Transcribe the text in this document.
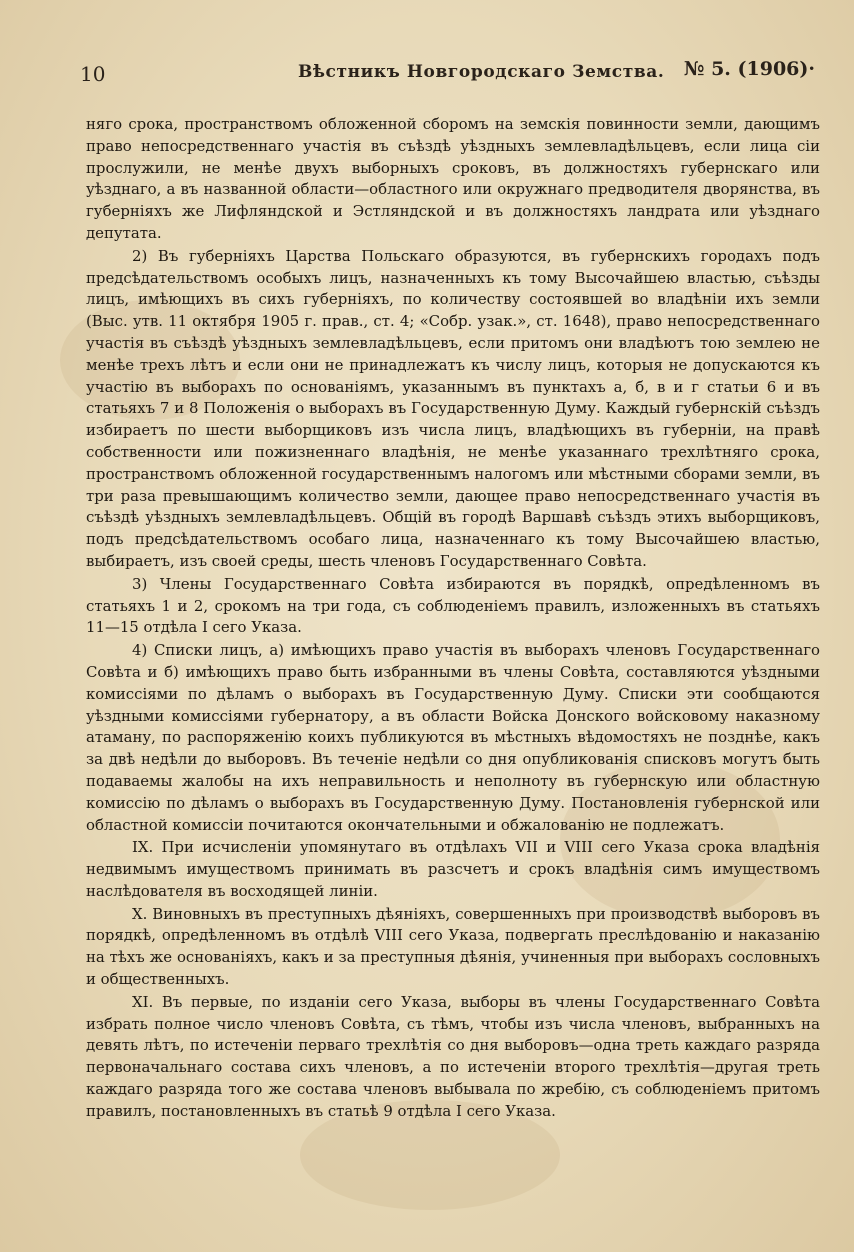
10	Вѣстникъ Новгородскаго Земства. № 5. (1906)·

няго срока, пространствомъ обложенной сборомъ на земскія повинности земли, дающимъ право непосредственнаго участія въ съѣздѣ уѣздныхъ землевладѣльцевъ, если лица сіи прослужили, не менѣе двухъ выборныхъ сроковъ, въ должностяхъ губернскаго или уѣзднаго, а въ названной области—областного или окружнаго предводителя дворянства, въ губерніяхъ же Лифляндской и Эстляндской и въ должностяхъ ландрата или уѣзднаго депутата.

2) Въ губерніяхъ Царства Польскаго образуются, въ губернскихъ городахъ подъ предсѣдательствомъ особыхъ лицъ, назначенныхъ къ тому Высочайшею властью, съѣзды лицъ, имѣющихъ въ сихъ губерніяхъ, по количеству состоявшей во владѣніи ихъ земли (Выс. утв. 11 октября 1905 г. прав., ст. 4; «Собр. узак.», ст. 1648), право непосредственнаго участія въ съѣздѣ уѣздныхъ землевладѣльцевъ, если притомъ они владѣютъ тою землею не менѣе трехъ лѣтъ и если они не принадлежатъ къ числу лицъ, которыя не допускаются къ участію въ выборахъ по основаніямъ, указаннымъ въ пунктахъ а, б, в и г статьи 6 и въ статьяхъ 7 и 8 Положенія о выборахъ въ Государственную Думу. Каждый губернскій съѣздъ избираетъ по шести выборщиковъ изъ числа лицъ, владѣющихъ въ губерніи, на правѣ собственности или пожизненнаго владѣнія, не менѣе указаннаго трехлѣтняго срока, пространствомъ обложенной государственнымъ налогомъ или мѣстными сборами земли, въ три раза превышающимъ количество земли, дающее право непосредственнаго участія въ съѣздѣ уѣздныхъ землевладѣльцевъ. Общій въ городѣ Варшавѣ съѣздъ этихъ выборщиковъ, подъ предсѣдательствомъ особаго лица, назначеннаго къ тому Высочайшею властью, выбираетъ, изъ своей среды, шесть членовъ Государственнаго Совѣта.

3) Члены Государственнаго Совѣта избираются въ порядкѣ, опредѣленномъ въ статьяхъ 1 и 2, срокомъ на три года, съ соблюденіемъ правилъ, изложенныхъ въ статьяхъ 11—15 отдѣла I сего Указа.

4) Списки лицъ, а) имѣющихъ право участія въ выборахъ членовъ Государственнаго Совѣта и б) имѣющихъ право быть избранными въ члены Совѣта, составляются уѣздными комиссіями по дѣламъ о выборахъ въ Государственную Думу. Списки эти сообщаются уѣздными комиссіями губернатору, а въ области Войска Донского войсковому наказному атаману, по распоряженію коихъ публикуются въ мѣстныхъ вѣдомостяхъ не позднѣе, какъ за двѣ недѣли до выборовъ. Въ теченіе недѣли со дня опубликованія списковъ могутъ быть подаваемы жалобы на ихъ неправильность и неполноту въ губернскую или областную комиссію по дѣламъ о выборахъ въ Государственную Думу. Постановленія губернской или областной комиссіи почитаются окончательными и обжалованію не подлежатъ.

IX. При исчисленіи упомянутаго въ отдѣлахъ VII и VIII сего Указа срока владѣнія недвимымъ имуществомъ принимать въ разсчетъ и срокъ владѣнія симъ имуществомъ наслѣдователя въ восходящей линіи.

X. Виновныхъ въ преступныхъ дѣяніяхъ, совершенныхъ при производствѣ выборовъ въ порядкѣ, опредѣленномъ въ отдѣлѣ VIII сего Указа, подвергать преслѣдованію и наказанію на тѣхъ же основаніяхъ, какъ и за преступныя дѣянія, учиненныя при выборахъ сословныхъ и общественныхъ.

XI. Въ первые, по изданіи сего Указа, выборы въ члены Государственнаго Совѣта избрать полное число членовъ Совѣта, съ тѣмъ, чтобы изъ числа членовъ, выбранныхъ на девять лѣтъ, по истеченіи перваго трехлѣтія со дня выборовъ—одна треть каждаго разряда первоначальнаго состава сихъ членовъ, а по истеченіи второго трехлѣтія—другая треть каждаго разряда того же состава членовъ выбывала по жребію, съ соблюденіемъ притомъ правилъ, постановленныхъ въ статьѣ 9 отдѣла I сего Указа.
